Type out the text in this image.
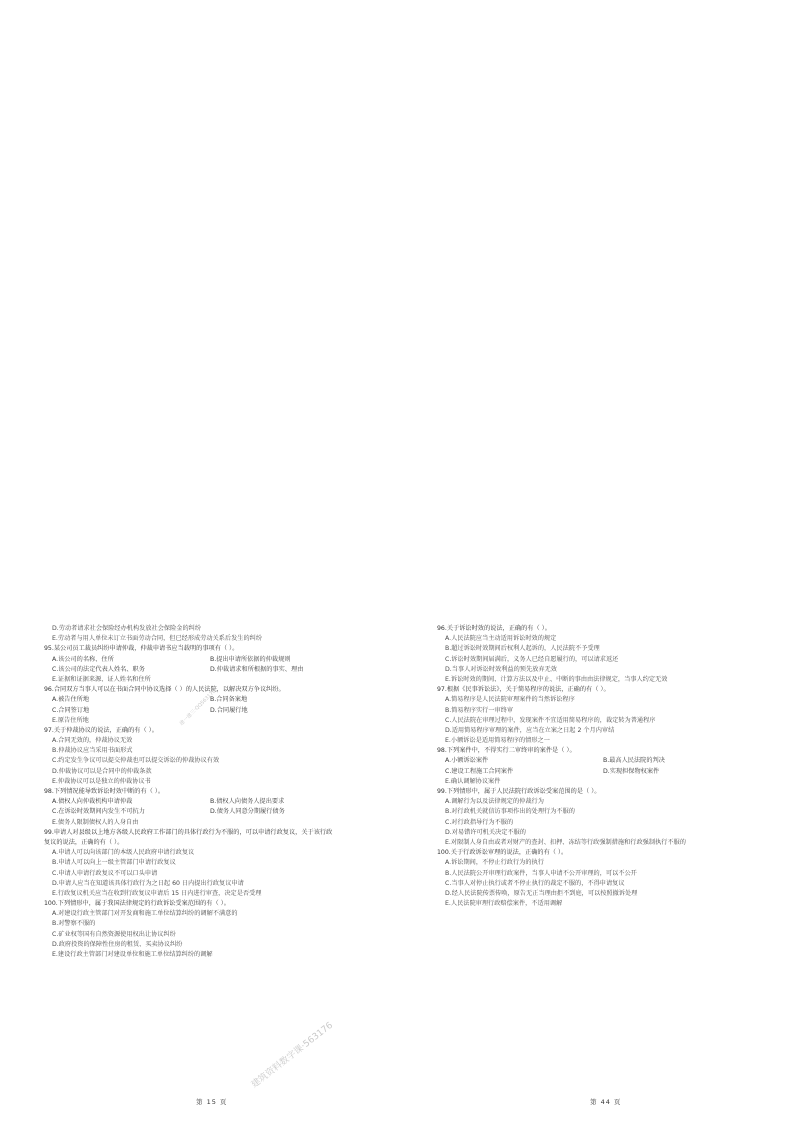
D.劳动者请求社会保险经办机构发放社会保险金的纠纷
E.劳动者与用人单位未订立书面劳动合同，但已经形成劳动关系后发生的纠纷
95.某公司员工裁员纠纷申请仲裁，仲裁申请书应当载明的事项有（ ）。
A.该公司的名称、住所	B.提出申请所依据的仲裁规则
C.该公司的法定代表人姓名、职务	D.仲裁请求和所根据的事实、理由
E.证据和证据来源、证人姓名和住所
96.合同双方当事人可以在书面合同中协议选择（ ）的人民法院，以解决双方争议纠纷。
A.被告住所地	B.合同备案地
C.合同签订地	D.合同履行地
E.原告住所地
97.关于仲裁协议的说法，正确的有（ ）。
A.合同无效的，仲裁协议无效
B.仲裁协议应当采用书面形式
C.约定发生争议可以提交仲裁也可以提交诉讼的仲裁协议有效
D.仲裁协议可以是合同中的仲裁条款
E.仲裁协议可以是独立的仲裁协议书
98.下列情况能导致诉讼时效中断的有（ ）。
A.债权人向仲裁机构申请仲裁	B.债权人向债务人提出要求
C.在诉讼时效期间内发生不可抗力	D.债务人同意分期履行债务
E.债务人限制债权人的人身自由
99.申请人对县级以上地方各级人民政府工作部门的具体行政行为不服的，可以申请行政复议，关于该行政
复议的说法，正确的有（ ）。
A.申请人可以向该部门的本级人民政府申请行政复议
B.申请人可以向上一级主管部门申请行政复议
C.申请人申请行政复议不可以口头申请
D.申请人应当在知道该具体行政行为之日起 60 日内提出行政复议申请
E.行政复议机关应当在收到行政复议申请后 15 日内进行审查，决定是否受理
100.下列情形中，属于我国法律规定的行政诉讼受案范围的有（ ）。
A.对建设行政主管部门对开发商和施工单位结算纠纷的调解不满意的
B.对警察不服的
C.矿业权等国有自然资源使用权出让协议纠纷
D.政府投资的保障性住房的租赁、买卖协议纠纷
E.建设行政主管部门对建设单位和施工单位结算纠纷的调解
96.关于诉讼时效的说法，正确的有（ ）。
A.人民法院应当主动适用诉讼时效的规定
B.超过诉讼时效期间后权利人起诉的，人民法院不予受理
C.诉讼时效期间届满后，义务人已经自愿履行的，可以请求返还
D.当事人对诉讼时效利益的预先放弃无效
E.诉讼时效的期间、计算方法以及中止、中断的事由由法律规定，当事人约定无效
97.根据《民事诉讼法》，关于简易程序的说法，正确的有（ ）。
A.简易程序是人民法院审理案件的当然诉讼程序
B.简易程序实行一审终审
C.人民法院在审理过程中，发现案件不宜适用简易程序的，裁定转为普通程序
D.适用简易程序审理的案件，应当在立案之日起 2 个月内审结
E.小额诉讼是适用简易程序的情形之一
98.下列案件中，不得实行二审终审的案件是（ ）。
A.小额诉讼案件	B.最高人民法院的判决
C.建设工程施工合同案件	D.实现担保物权案件
E.确认调解协议案件
99.下列情形中，属于人民法院行政诉讼受案范围的是（ ）。
A.调解行为以及法律规定的仲裁行为
B.对行政机关就信访事项作出的处理行为不服的
C.对行政指导行为不服的
D.对易错许可机关决定不服的
E.对限制人身自由或者对财产的查封、扣押、冻结等行政强制措施和行政强制执行不服的
100.关于行政诉讼审理的说法，正确的有（ ）。
A.诉讼期间，不停止行政行为的执行
B.人民法院公开审理行政案件，当事人申请不公开审理的，可以不公开
C.当事人对停止执行或者不停止执行的裁定不服的，不得申请复议
D.经人民法院传票传唤，原告无正当理由拒不到庭，可以按照撤诉处理
E.人民法院审理行政赔偿案件，不适用调解
第 15 页	第 44 页
建一建三·QQ563176
建筑资料数字课·563176
